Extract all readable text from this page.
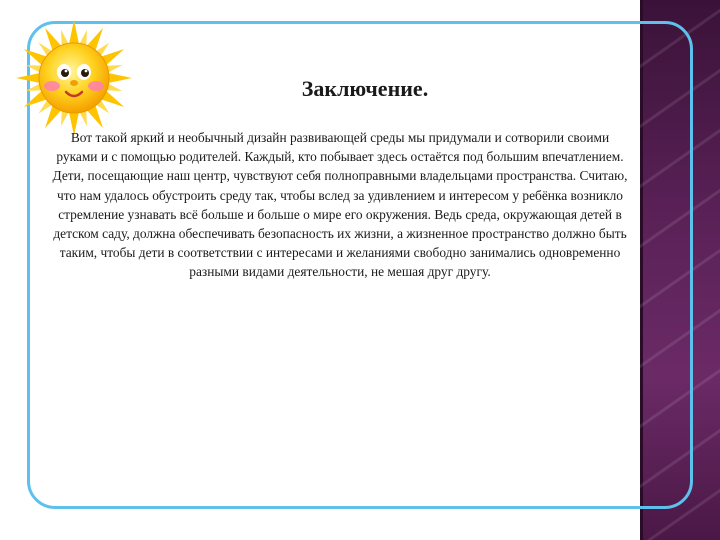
Заключение.

Вот такой яркий и необычный дизайн развивающей среды мы придумали и сотворили своими руками и с помощью родителей. Каждый, кто побывает здесь остаётся под большим впечатлением. Дети, посещающие наш центр, чувствуют себя полноправными владельцами пространства. Считаю, что нам удалось обустроить среду так, чтобы вслед за удивлением и интересом у ребёнка возникло стремление узнавать всё больше и больше о мире его окружения. Ведь среда, окружающая детей в детском саду, должна обеспечивать безопасность их жизни, а жизненное пространство должно быть таким, чтобы дети в соответствии с интересами и желаниями свободно занимались одновременно разными видами деятельности, не мешая друг другу.
